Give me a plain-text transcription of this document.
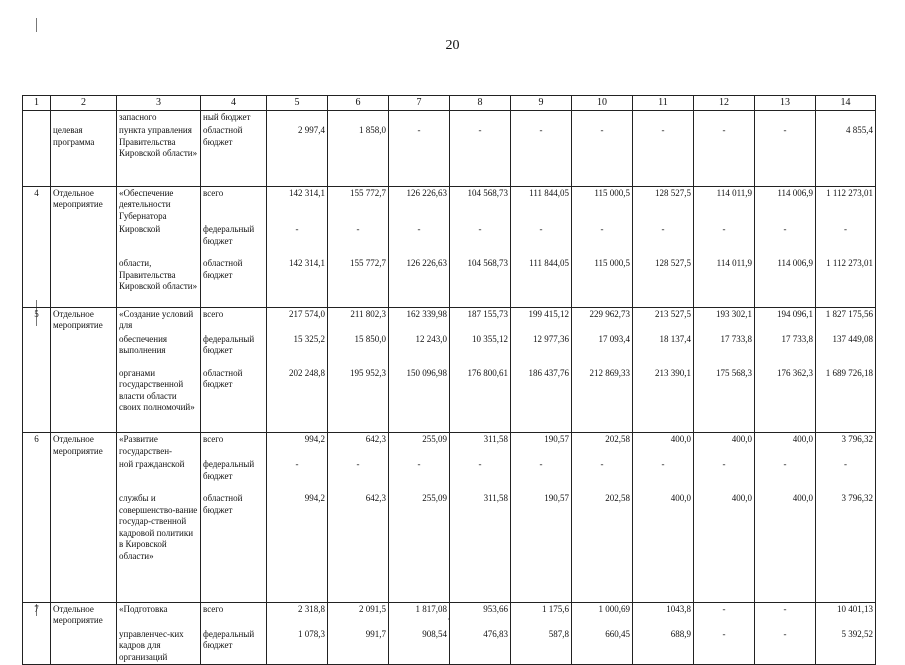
20
1	2	3	4	5	6	7	8	9	10	11	12	13	14
		запасного	ный бюджет										
	целевая программа	пункта управления Правительства Кировской области»	областной бюджет	2 997,4	1 858,0	-	-	-	-	-	-	-	4 855,4
4	Отдельное мероприятие	«Обеспечение деятельности Губернатора	всего	142 314,1	155 772,7	126 226,63	104 568,73	111 844,05	115 000,5	128 527,5	114 011,9	114 006,9	1 112 273,01
		Кировской	федеральный бюджет	-	-	-	-	-	-	-	-	-	-
		области, Правительства Кировской области»	областной бюджет	142 314,1	155 772,7	126 226,63	104 568,73	111 844,05	115 000,5	128 527,5	114 011,9	114 006,9	1 112 273,01
5	Отдельное мероприятие	«Создание условий для	всего	217 574,0	211 802,3	162 339,98	187 155,73	199 415,12	229 962,73	213 527,5	193 302,1	194 096,1	1 827 175,56
		обеспечения выполнения	федеральный бюджет	15 325,2	15 850,0	12 243,0	10 355,12	12 977,36	17 093,4	18 137,4	17 733,8	17 733,8	137 449,08
		органами государственной власти области своих полномочий»	областной бюджет	202 248,8	195 952,3	150 096,98	176 800,61	186 437,76	212 869,33	213 390,1	175 568,3	176 362,3	1 689 726,18
6	Отдельное мероприятие	«Развитие государствен-	всего	994,2	642,3	255,09	311,58	190,57	202,58	400,0	400,0	400,0	3 796,32
		ной гражданской	федеральный бюджет	-	-	-	-	-	-	-	-	-	-
		службы и совершенство-вание государ-ственной кадровой политики в Кировской области»	областной бюджет	994,2	642,3	255,09	311,58	190,57	202,58	400,0	400,0	400,0	3 796,32
7	Отдельное мероприятие	«Подготовка	всего	2 318,8	2 091,5	1 817,08	953,66	1 175,6	1 000,69	1043,8	-	-	10 401,13
		управленчес-ких кадров для организаций	федеральный бюджет	1 078,3	991,7	908,54	476,83	587,8	660,45	688,9	-	-	5 392,52
